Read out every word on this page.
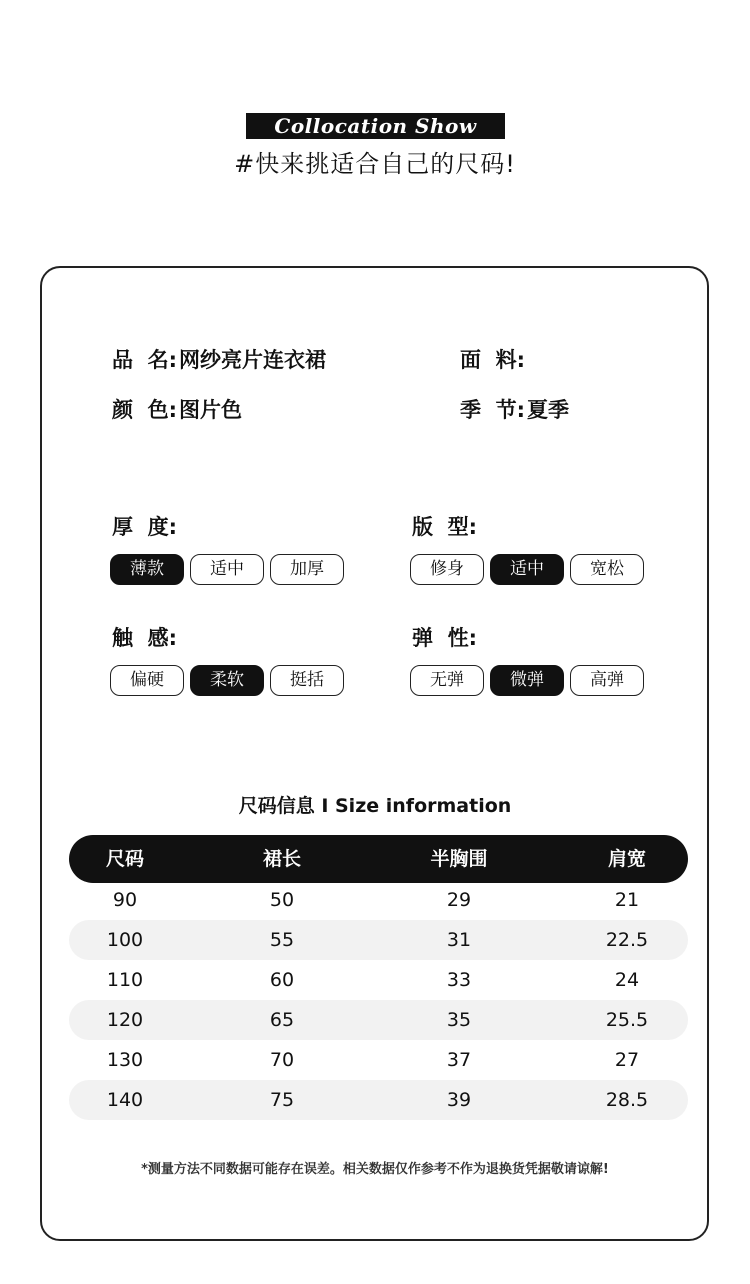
Collocation Show
#快来挑适合自己的尺码!
品  名:网纱亮片连衣裙	面  料:
颜  色:图片色	季  节:夏季
厚  度:
薄款	适中	加厚
版  型:
修身	适中	宽松
触  感:
偏硬	柔软	挺括
弹  性:
无弹	微弹	高弹
尺码信息 I Size information
尺码	裙长	半胸围	肩宽
90	50	29	21
100	55	31	22.5
110	60	33	24
120	65	35	25.5
130	70	37	27
140	75	39	28.5
*测量方法不同数据可能存在误差。相关数据仅作参考不作为退换货凭据敬请谅解!
